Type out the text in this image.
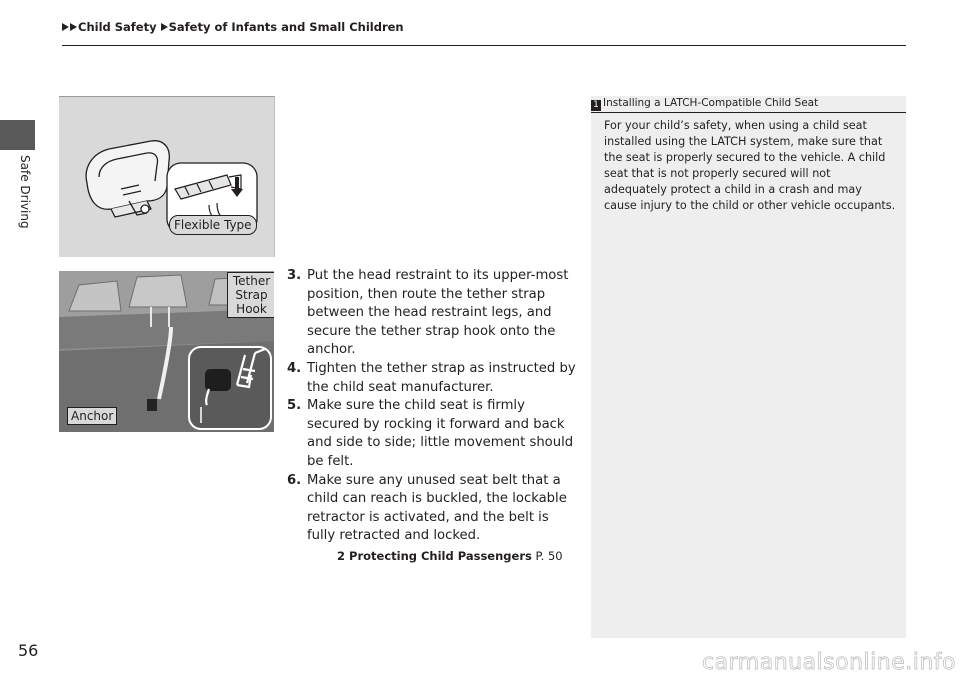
Child Safety Safety of Infants and Small Children
Safe Driving	Flexible Type
Tether
Strap
Hook
Anchor
3. Put the head restraint to its upper-most position, then route the tether strap between the head restraint legs, and secure the tether strap hook onto the anchor.
4. Tighten the tether strap as instructed by the child seat manufacturer.
5. Make sure the child seat is firmly secured by rocking it forward and back and side to side; little movement should be felt.
6. Make sure any unused seat belt that a child can reach is buckled, the lockable retractor is activated, and the belt is fully retracted and locked.
2 Protecting Child Passengers P. 50
1 Installing a LATCH-Compatible Child Seat
For your child’s safety, when using a child seat installed using the LATCH system, make sure that the seat is properly secured to the vehicle. A child seat that is not properly secured will not adequately protect a child in a crash and may cause injury to the child or other vehicle occupants.
56	carmanualsonline.info
